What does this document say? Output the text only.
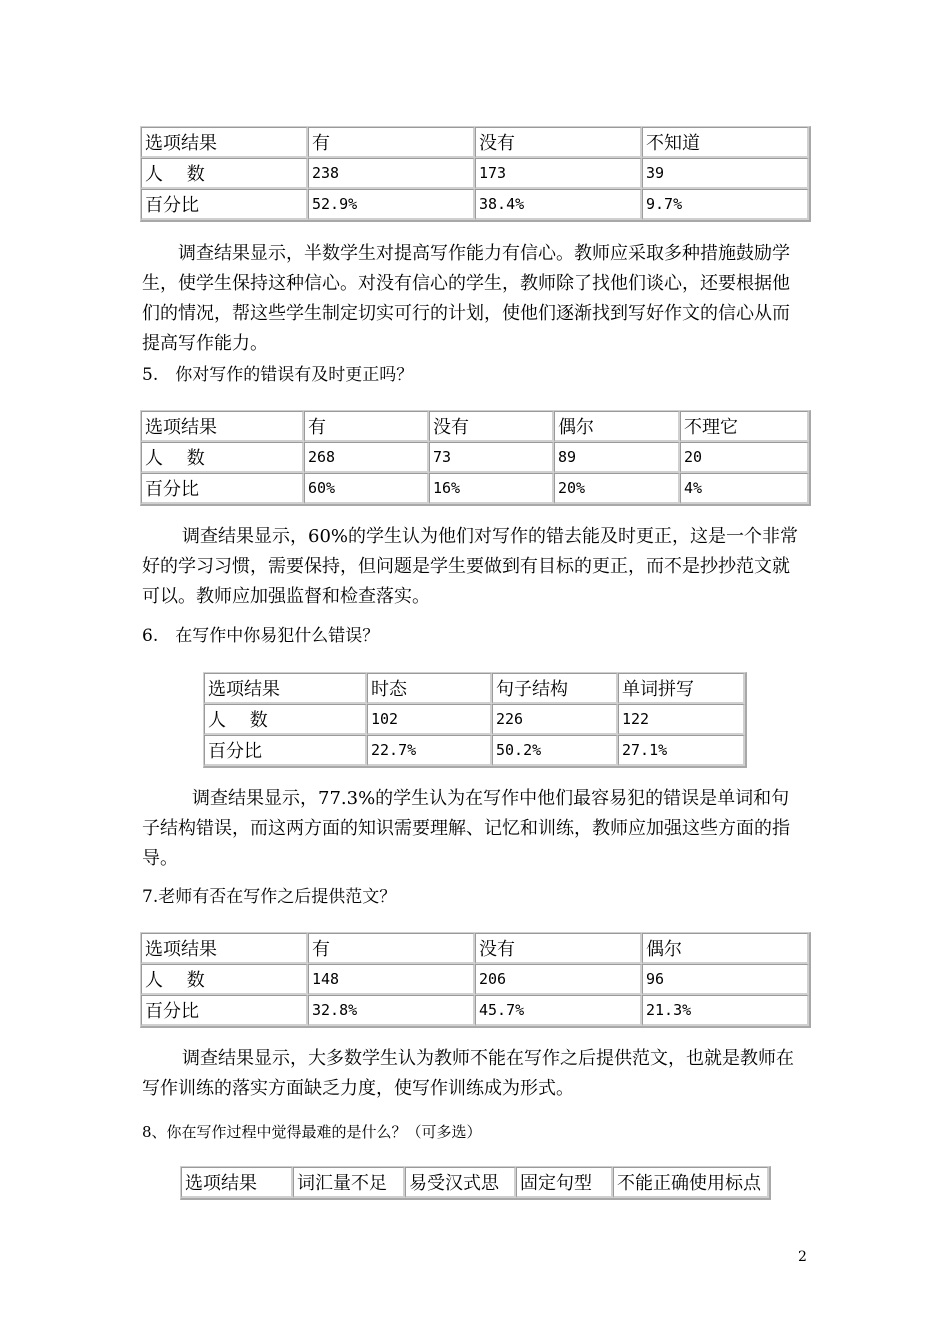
选项结果	有	没有	不知道
人　 数	238	173	39
百分比	52.9%	38.4%	9.7%

调查结果显示，半数学生对提高写作能力有信心。教师应采取多种措施鼓励学生，使学生保持这种信心。对没有信心的学生，教师除了找他们谈心，还要根据他们的情况，帮这些学生制定切实可行的计划，使他们逐渐找到写好作文的信心从而提高写作能力。

5.　你对写作的错误有及时更正吗？

选项结果	有	没有	偶尔	不理它
人　 数	268	73	89	20
百分比	60%	16%	20%	4%

调查结果显示，60%的学生认为他们对写作的错去能及时更正，这是一个非常好的学习习惯，需要保持，但问题是学生要做到有目标的更正，而不是抄抄范文就可以。教师应加强监督和检查落实。

6.　在写作中你易犯什么错误？

选项结果	时态	句子结构	单词拼写
人　 数	102	226	122
百分比	22.7%	50.2%	27.1%

调查结果显示，77.3%的学生认为在写作中他们最容易犯的错误是单词和句子结构错误，而这两方面的知识需要理解、记忆和训练，教师应加强这些方面的指导。

7.老师有否在写作之后提供范文？

选项结果	有	没有	偶尔
人　 数	148	206	96
百分比	32.8%	45.7%	21.3%

调查结果显示，大多数学生认为教师不能在写作之后提供范文，也就是教师在写作训练的落实方面缺乏力度，使写作训练成为形式。

8、你在写作过程中觉得最难的是什么？（可多选）

选项结果	词汇量不足	易受汉式思	固定句型	不能正确使用标点
2
